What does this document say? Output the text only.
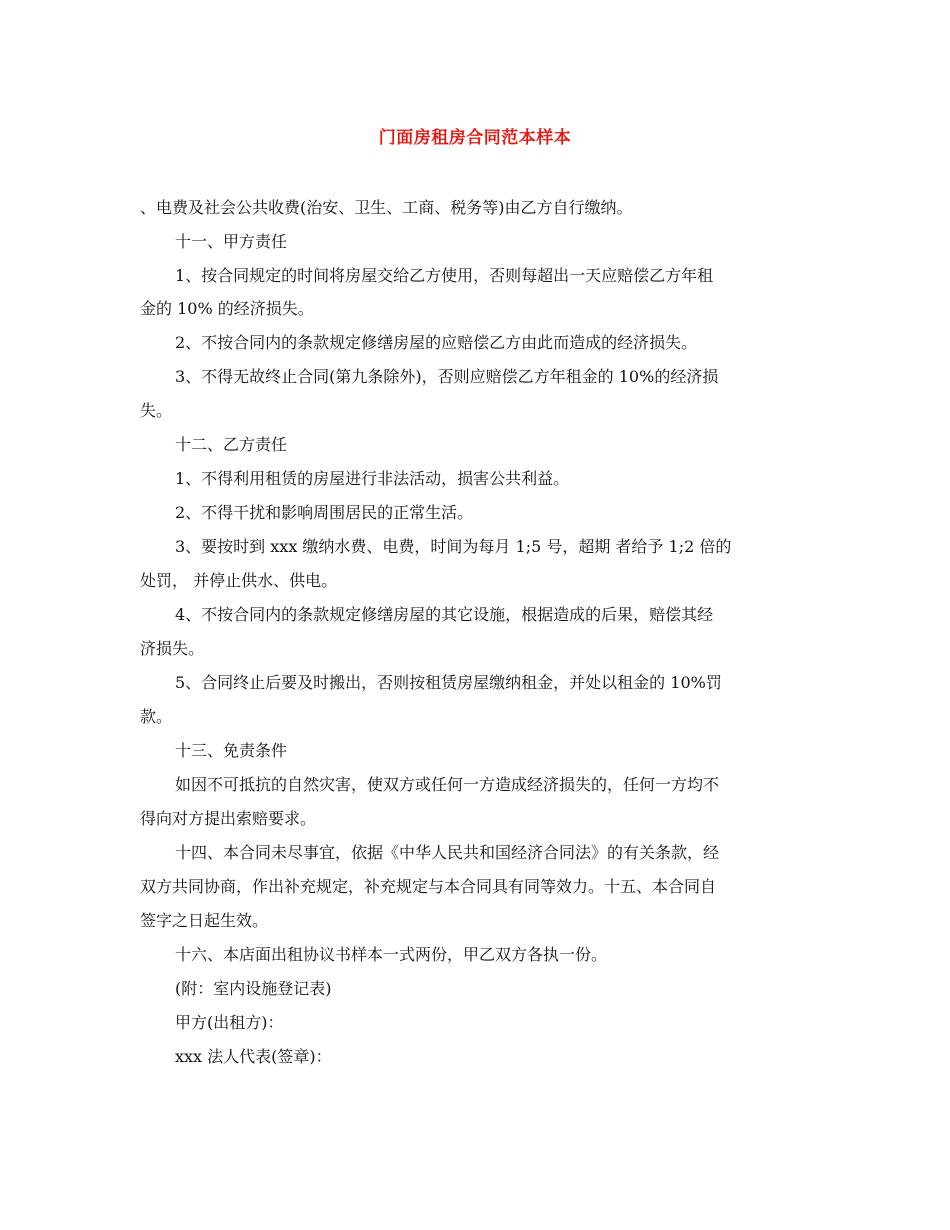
门面房租房合同范本样本
、电费及社会公共收费(治安、卫生、工商、税务等)由乙方自行缴纳。
十一、甲方责任
1、按合同规定的时间将房屋交给乙方使用，否则每超出一天应赔偿乙方年租
金的 10% 的经济损失。
2、不按合同内的条款规定修缮房屋的应赔偿乙方由此而造成的经济损失。
3、不得无故终止合同(第九条除外)，否则应赔偿乙方年租金的 10%的经济损
失。
十二、乙方责任
1、不得利用租赁的房屋进行非法活动，损害公共利益。
2、不得干扰和影响周围居民的正常生活。
3、要按时到 xxx 缴纳水费、电费，时间为每月 1;5 号，超期 者给予 1;2 倍的
处罚， 并停止供水、供电。
4、不按合同内的条款规定修缮房屋的其它设施，根据造成的后果，赔偿其经
济损失。
5、合同终止后要及时搬出，否则按租赁房屋缴纳租金，并处以租金的 10%罚
款。
十三、免责条件
如因不可抵抗的自然灾害，使双方或任何一方造成经济损失的，任何一方均不
得向对方提出索赔要求。
十四、本合同未尽事宜，依据《中华人民共和国经济合同法》的有关条款，经
双方共同协商，作出补充规定，补充规定与本合同具有同等效力。十五、本合同自
签字之日起生效。
十六、本店面出租协议书样本一式两份，甲乙双方各执一份。
(附：室内设施登记表)
甲方(出租方)：
xxx 法人代表(签章)：
